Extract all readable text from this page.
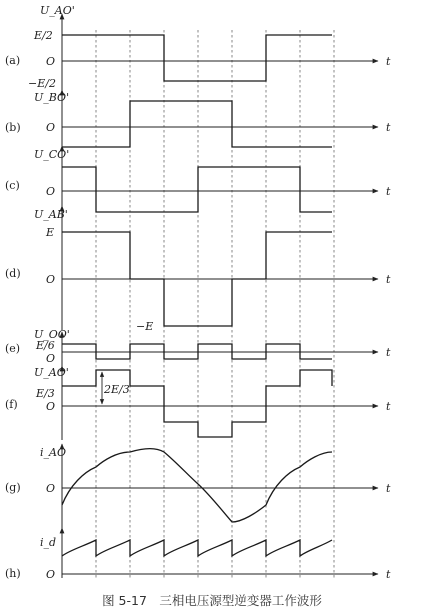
(a)
U_AO'
E/2
O
−E/2
t
(b)
U_BO'
O	t
(c)
U_CO'
O	t
(d)
U_AB'
E
O
−E
t
(e)
U_OO'
E/6
O	t
2E/3
(f)
U_AO'
E/3
O	t
(g)
i_AO
O	t
(h)
i_d
O	t
图 5-17　三相电压源型逆变器工作波形
